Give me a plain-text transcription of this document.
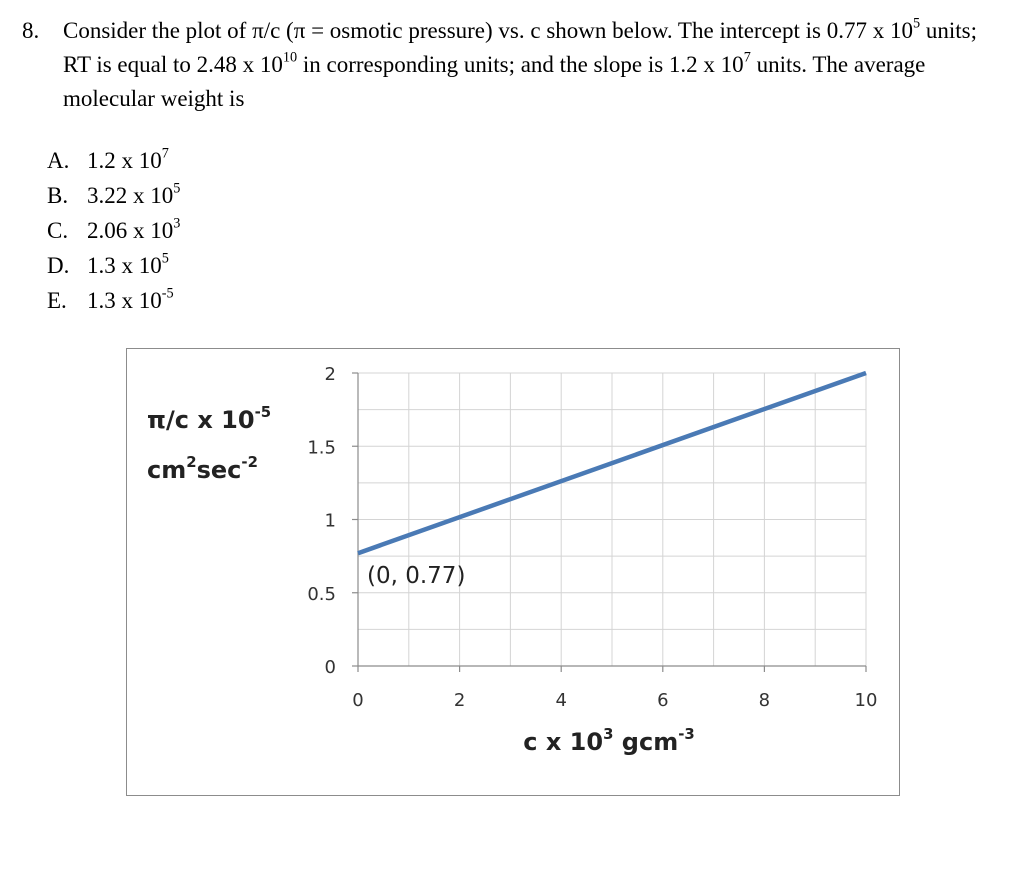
8. Consider the plot of π/c (π = osmotic pressure) vs. c shown below. The intercept is 0.77 x $10^5$ units; RT is equal to 2.48 x $10^{10}$ in corresponding units; and the slope is 1.2 x $10^7$ units. The average molecular weight is
A. 1.2 x $10^7$
B. 3.22 x $10^5$
C. 2.06 x $10^3$
D. 1.3 x $10^5$
E. 1.3 x $10^{-5}$
π/c x $10^{-5}$
$cm^2\sec^{-2}$
c x $10^3$ gcm$^{-3}$
0
0.5
1
1.5
2
0	2	4	6	8	10
(0, 0.77)
